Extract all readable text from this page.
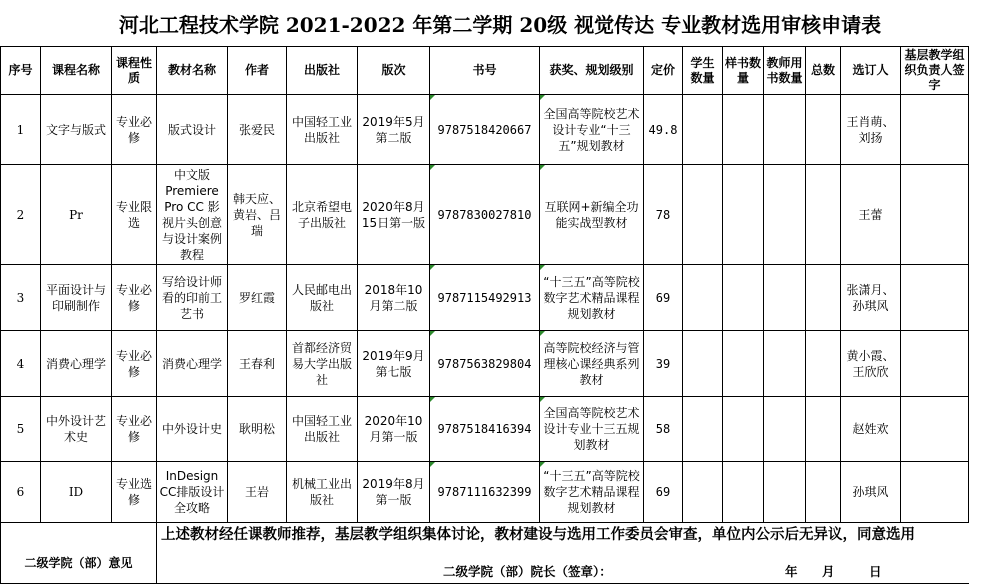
河北工程技术学院 2021-2022 年第二学期 20级 视觉传达 专业教材选用审核申请表
序号	课程名称	课程性质	教材名称	作者	出版社	版次	书号	获奖、规划级别	定价	学生数量	样书数量	教师用书数量	总数	选订人	基层教学组织负责人签字
1	文字与版式	专业必修	版式设计	张爱民	中国轻工业出版社	2019年5月第二版	9787518420667	全国高等院校艺术设计专业“十三五”规划教材	49.8					王肖萌、刘扬	
2	Pr	专业限选	中文版Premiere Pro CC 影视片头创意与设计案例教程	韩天应、黄岩、吕瑞	北京希望电子出版社	2020年8月15日第一版	9787830027810	互联网+新编全功能实战型教材	78					王蕾	
3	平面设计与印刷制作	专业必修	写给设计师看的印前工艺书	罗红霞	人民邮电出版社	2018年10月第二版	9787115492913	“十三五”高等院校数字艺术精品课程规划教材	69					张潇月、孙琪风	
4	消费心理学	专业必修	消费心理学	王春利	首都经济贸易大学出版社	2019年9月第七版	9787563829804	高等院校经济与管理核心课经典系列教材	39					黄小霞、王欣欣	
5	中外设计艺术史	专业必修	中外设计史	耿明松	中国轻工业出版社	2020年10月第一版	9787518416394	全国高等院校艺术设计专业十三五规划教材	58					赵姓欢	
6	ID	专业选修	InDesign CC排版设计全攻略	王岩	机械工业出版社	2019年8月第一版	9787111632399	“十三五”高等院校数字艺术精品课程规划教材	69					孙琪风	
二级学院（部）意见															
上述教材经任课教师推荐，基层教学组织集体讨论，教材建设与选用工作委员会审查，单位内公示后无异议，同意选用
二级学院（部）院长（签章）：	年 月	日
